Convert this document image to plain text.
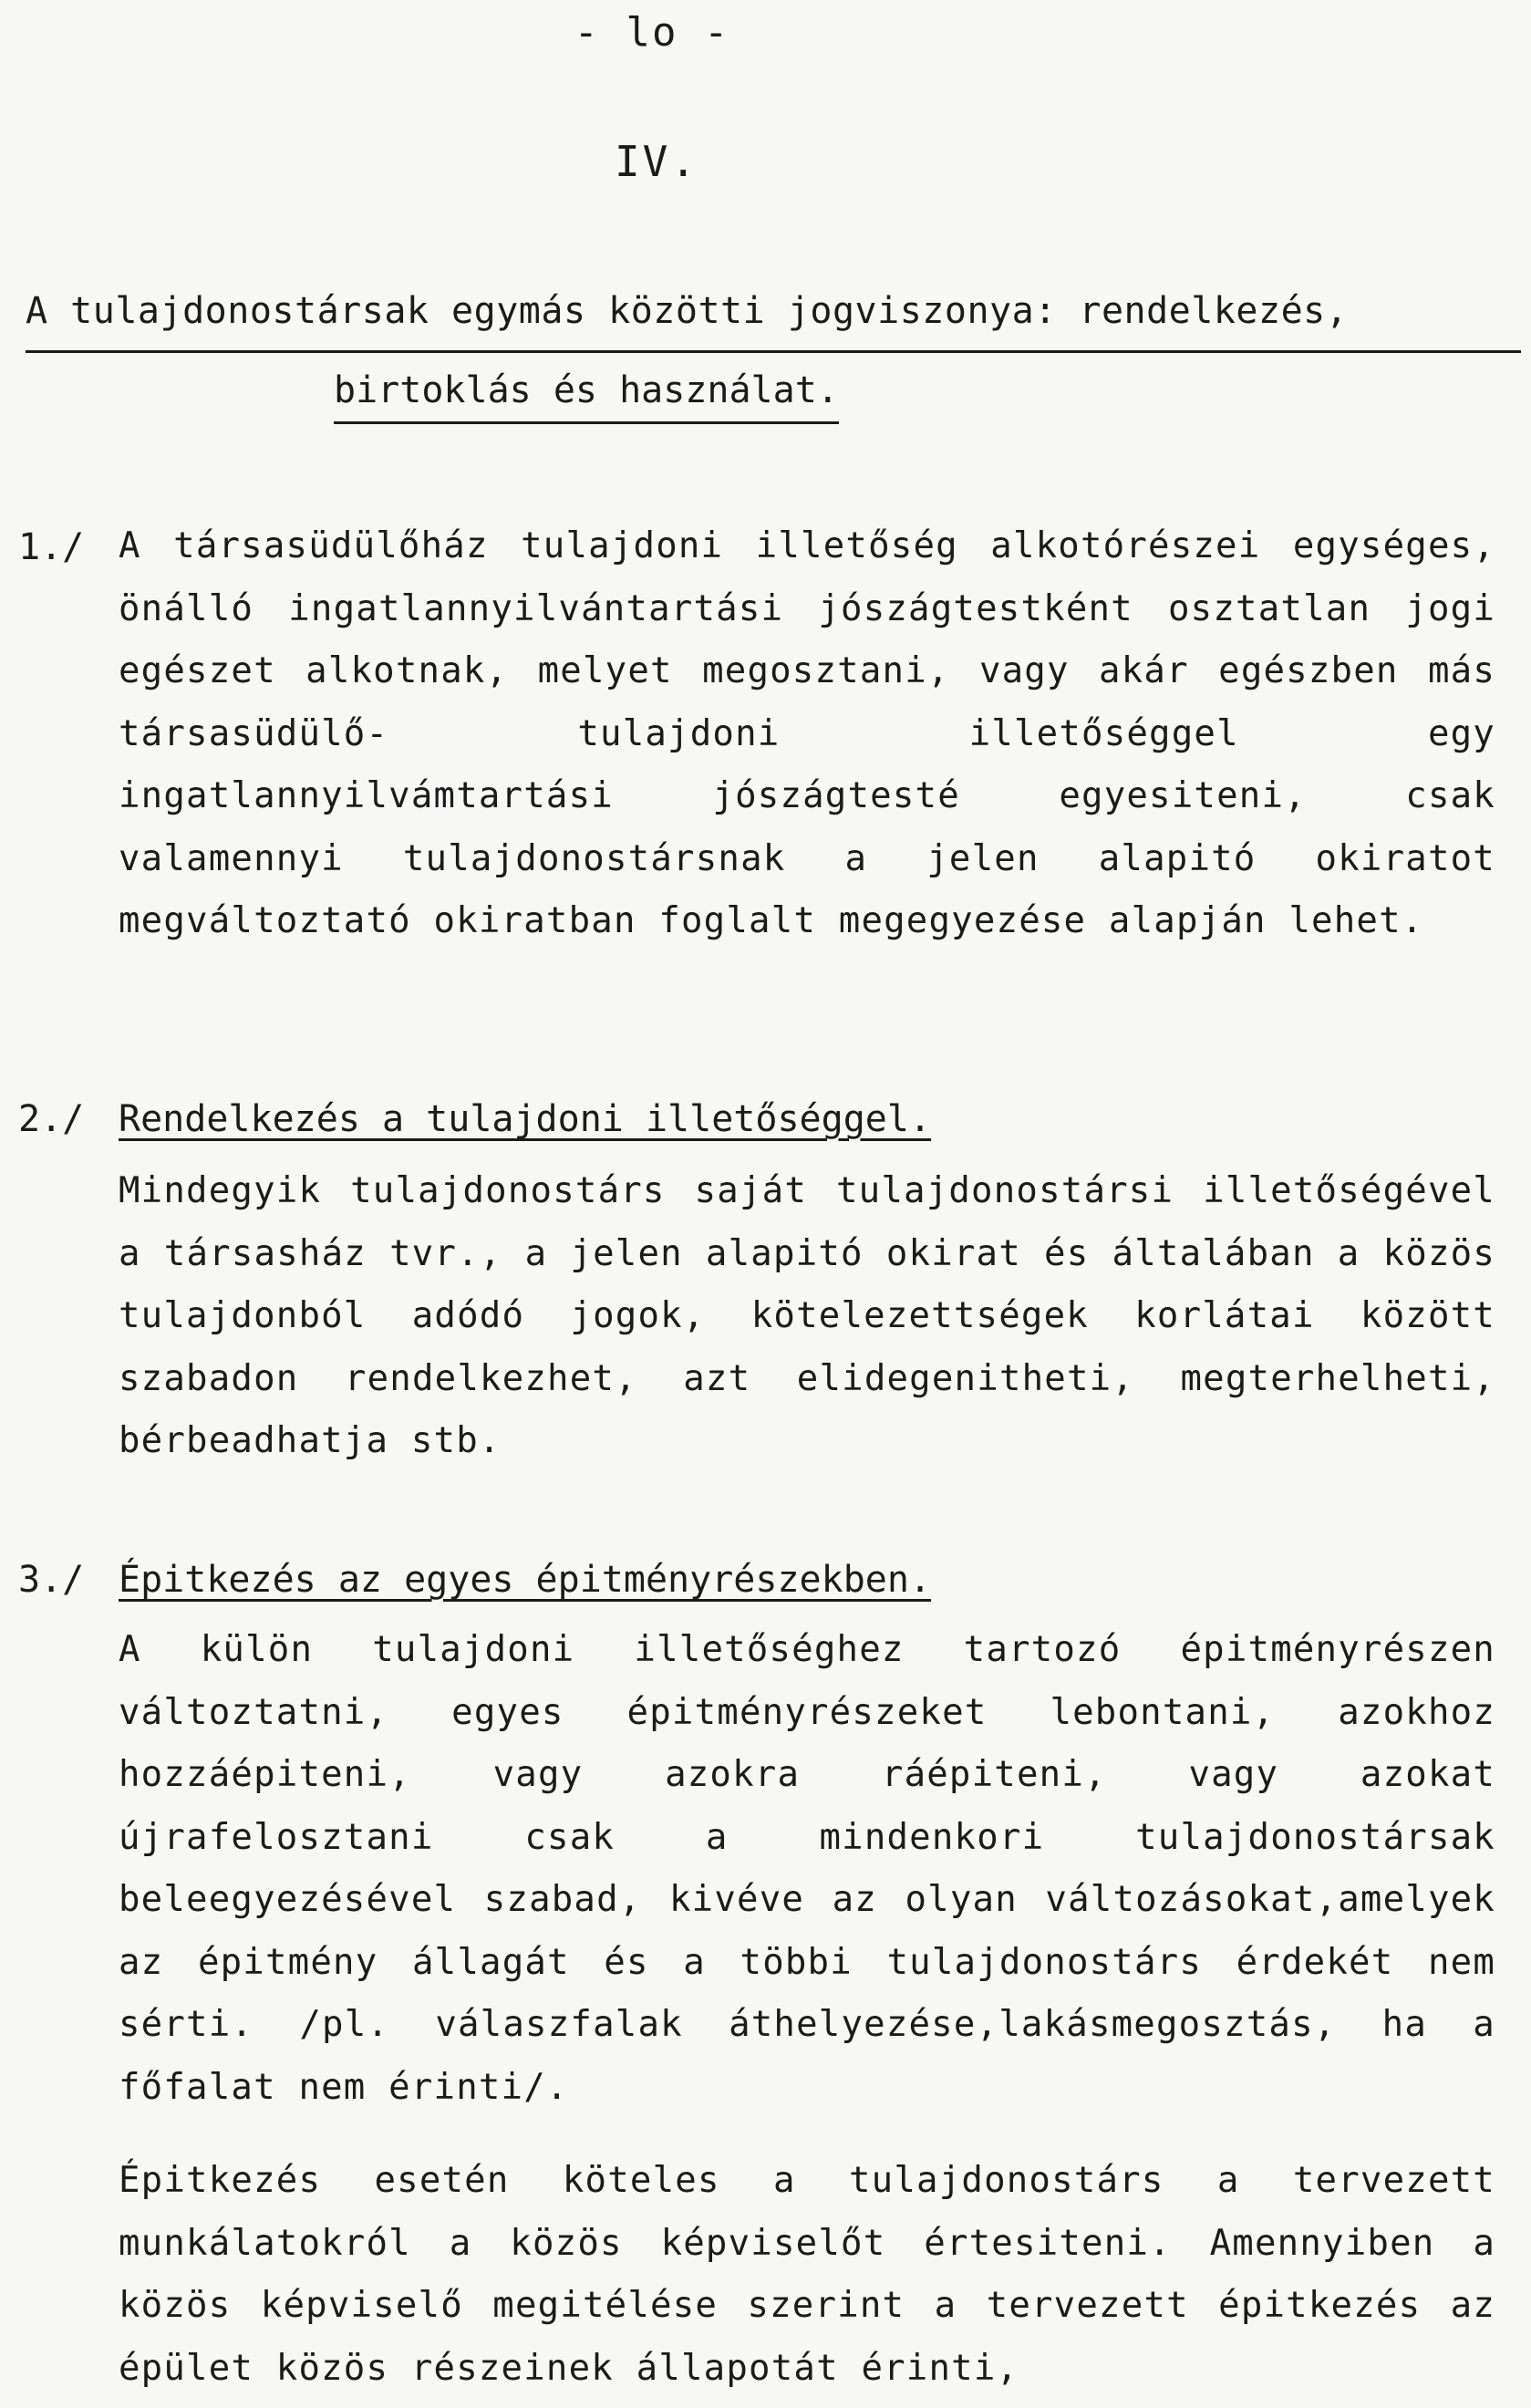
- lo -
IV.
A tulajdonostársak egymás közötti jogviszonya: rendelkezés,
birtoklás és használat.
1./ A társasüdülőház tulajdoni illetőség alkotórészei egységes, önálló ingatlannyilvántartási jószágtestként osztatlan jogi egészet alkotnak, melyet megosztani, vagy akár egészben más társasüdülő- tulajdoni illetőséggel egy ingatlannyilvámtartási jószágtesté egyesiteni, csak valamennyi tulajdonostársnak a jelen alapitó okiratot megváltoztató okiratban foglalt megegyezése alapján lehet.
2./ Rendelkezés a tulajdoni illetőséggel.
Mindegyik tulajdonostárs saját tulajdonostársi illetőségével a társasház tvr., a jelen alapitó okirat és általában a közös tulajdonból adódó jogok, kötelezettségek korlátai között szabadon rendelkezhet, azt elidegenitheti, megterhelheti, bérbeadhatja stb.
3./ Épitkezés az egyes épitményrészekben.
A külön tulajdoni illetőséghez tartozó épitményrészen változtatni, egyes épitményrészeket lebontani, azokhoz hozzáépiteni, vagy azokra ráépiteni, vagy azokat újrafelosztani csak a mindenkori tulajdonostársak beleegyezésével szabad, kivéve az olyan változásokat,amelyek az épitmény állagát és a többi tulajdonostárs érdekét nem sérti. /pl. válaszfalak áthelyezése,lakásmegosztás, ha a főfalat nem érinti/.
Épitkezés esetén köteles a tulajdonostárs a tervezett munkálatokról a közös képviselőt értesiteni. Amennyiben a közös képviselő megitélése szerint a tervezett épitkezés az épület közös részeinek állapotát érinti,
